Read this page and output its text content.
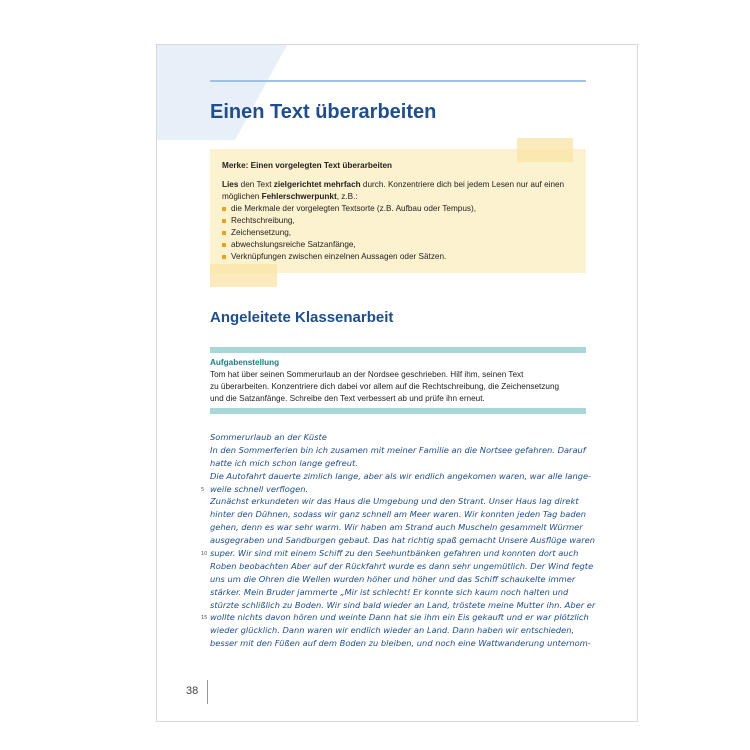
Einen Text überarbeiten

Merke: Einen vorgelegten Text überarbeiten

Lies den Text zielgerichtet mehrfach durch. Konzentriere dich bei jedem Lesen nur auf einen möglichen Fehlerschwerpunkt, z.B.:

die Merkmale der vorgelegten Textsorte (z.B. Aufbau oder Tempus),
Rechtschreibung,
Zeichensetzung,
abwechslungsreiche Satzanfänge,
Verknüpfungen zwischen einzelnen Aussagen oder Sätzen.
Angeleitete Klassenarbeit

Aufgabenstellung

Tom hat über seinen Sommerurlaub an der Nordsee geschrieben. Hilf ihm, seinen Text
zu überarbeiten. Konzentriere dich dabei vor allem auf die Rechtschreibung, die Zeichensetzung
und die Satzanfänge. Schreibe den Text verbessert ab und prüfe ihn erneut.

Sommerurlaub an der Küste
In den Sommerferien bin ich zusamen mit meiner Familie an die Nortsee gefahren. Darauf
hatte ich mich schon lange gefreut.
Die Autofahrt dauerte zimlich lange, aber als wir endlich angekomen waren, war alle lange-
5 weile schnell verflogen.
Zunächst erkundeten wir das Haus die Umgebung und den Strant. Unser Haus lag direkt
hinter den Dühnen, sodass wir ganz schnell am Meer waren. Wir konnten jeden Tag baden
gehen, denn es war sehr warm. Wir haben am Strand auch Muscheln gesammelt Würmer
ausgegraben und Sandburgen gebaut. Das hat richtig spaß gemacht Unsere Ausflüge waren
10 super. Wir sind mit einem Schiff zu den Seehuntbänken gefahren und konnten dort auch
Roben beobachten Aber auf der Rückfahrt wurde es dann sehr ungemütlich. Der Wind fegte
uns um die Ohren die Wellen wurden höher und höher und das Schiff schaukelte immer
stärker. Mein Bruder jammerte „Mir ist schlecht! Er konnte sich kaum noch halten und
stürzte schlißlich zu Boden. Wir sind bald wieder an Land, tröstete meine Mutter ihn. Aber er
15 wollte nichts davon hören und weinte Dann hat sie ihm ein Eis gekauft und er war plötzlich
wieder glücklich. Dann waren wir endlich wieder an Land. Dann haben wir entschieden,
besser mit den Füßen auf dem Boden zu bleiben, und noch eine Wattwanderung unternom-
38
